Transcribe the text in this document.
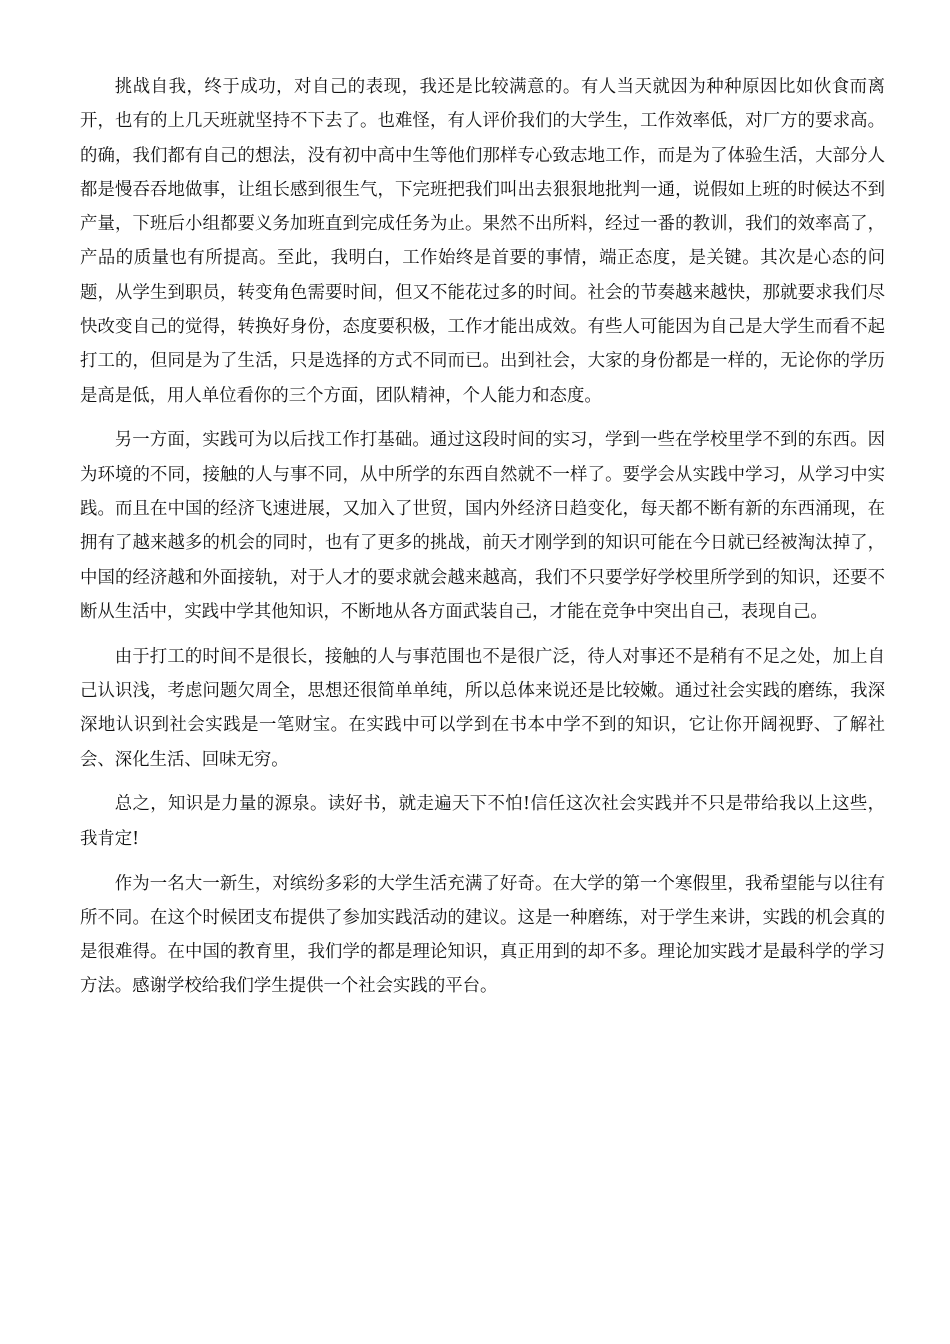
挑战自我，终于成功，对自己的表现，我还是比较满意的。有人当天就因为种种原因比如伙食而离开，也有的上几天班就坚持不下去了。也难怪，有人评价我们的大学生，工作效率低，对厂方的要求高。的确，我们都有自己的想法，没有初中高中生等他们那样专心致志地工作，而是为了体验生活，大部分人都是慢吞吞地做事，让组长感到很生气，下完班把我们叫出去狠狠地批判一通，说假如上班的时候达不到产量，下班后小组都要义务加班直到完成任务为止。果然不出所料，经过一番的教训，我们的效率高了，产品的质量也有所提高。至此，我明白，工作始终是首要的事情，端正态度，是关键。其次是心态的问题，从学生到职员，转变角色需要时间，但又不能花过多的时间。社会的节奏越来越快，那就要求我们尽快改变自己的觉得，转换好身份，态度要积极，工作才能出成效。有些人可能因为自己是大学生而看不起打工的，但同是为了生活，只是选择的方式不同而已。出到社会，大家的身份都是一样的，无论你的学历是高是低，用人单位看你的三个方面，团队精神，个人能力和态度。

另一方面，实践可为以后找工作打基础。通过这段时间的实习，学到一些在学校里学不到的东西。因为环境的不同，接触的人与事不同，从中所学的东西自然就不一样了。要学会从实践中学习，从学习中实践。而且在中国的经济飞速进展，又加入了世贸，国内外经济日趋变化，每天都不断有新的东西涌现，在拥有了越来越多的机会的同时，也有了更多的挑战，前天才刚学到的知识可能在今日就已经被淘汰掉了，中国的经济越和外面接轨，对于人才的要求就会越来越高，我们不只要学好学校里所学到的知识，还要不断从生活中，实践中学其他知识，不断地从各方面武装自己，才能在竞争中突出自己，表现自己。

由于打工的时间不是很长，接触的人与事范围也不是很广泛，待人对事还不是稍有不足之处，加上自己认识浅，考虑问题欠周全，思想还很简单单纯，所以总体来说还是比较嫩。通过社会实践的磨练，我深深地认识到社会实践是一笔财宝。在实践中可以学到在书本中学不到的知识，它让你开阔视野、了解社会、深化生活、回味无穷。

总之，知识是力量的源泉。读好书，就走遍天下不怕!信任这次社会实践并不只是带给我以上这些，我肯定!

作为一名大一新生，对缤纷多彩的大学生活充满了好奇。在大学的第一个寒假里，我希望能与以往有所不同。在这个时候团支布提供了参加实践活动的建议。这是一种磨练，对于学生来讲，实践的机会真的是很难得。在中国的教育里，我们学的都是理论知识，真正用到的却不多。理论加实践才是最科学的学习方法。感谢学校给我们学生提供一个社会实践的平台。
